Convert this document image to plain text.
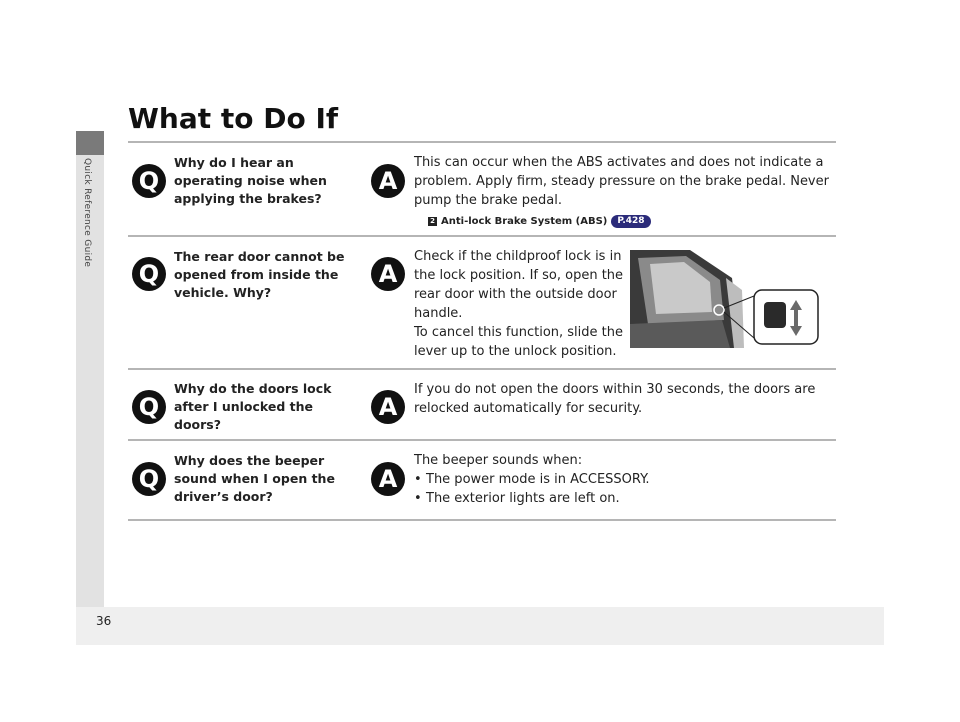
Quick Reference Guide
36
What to Do If
Q
Why do I hear an operating noise when applying the brakes?
A

This can occur when the ABS activates and does not indicate a problem. Apply firm, steady pressure on the brake pedal. Never pump the brake pedal.

2 Anti-lock Brake System (ABS)	P.428
Q
The rear door cannot be opened from inside the vehicle. Why?
A

Check if the childproof lock is in the lock position. If so, open the rear door with the outside door handle.

To cancel this function, slide the lever up to the unlock position.

Q
Why do the doors lock after I unlocked the doors?
A

If you do not open the doors within 30 seconds, the doors are relocked automatically for security.

Q
Why does the beeper sound when I open the driver’s door?
A

The beeper sounds when:

• The power mode is in ACCESSORY.
• The exterior lights are left on.
